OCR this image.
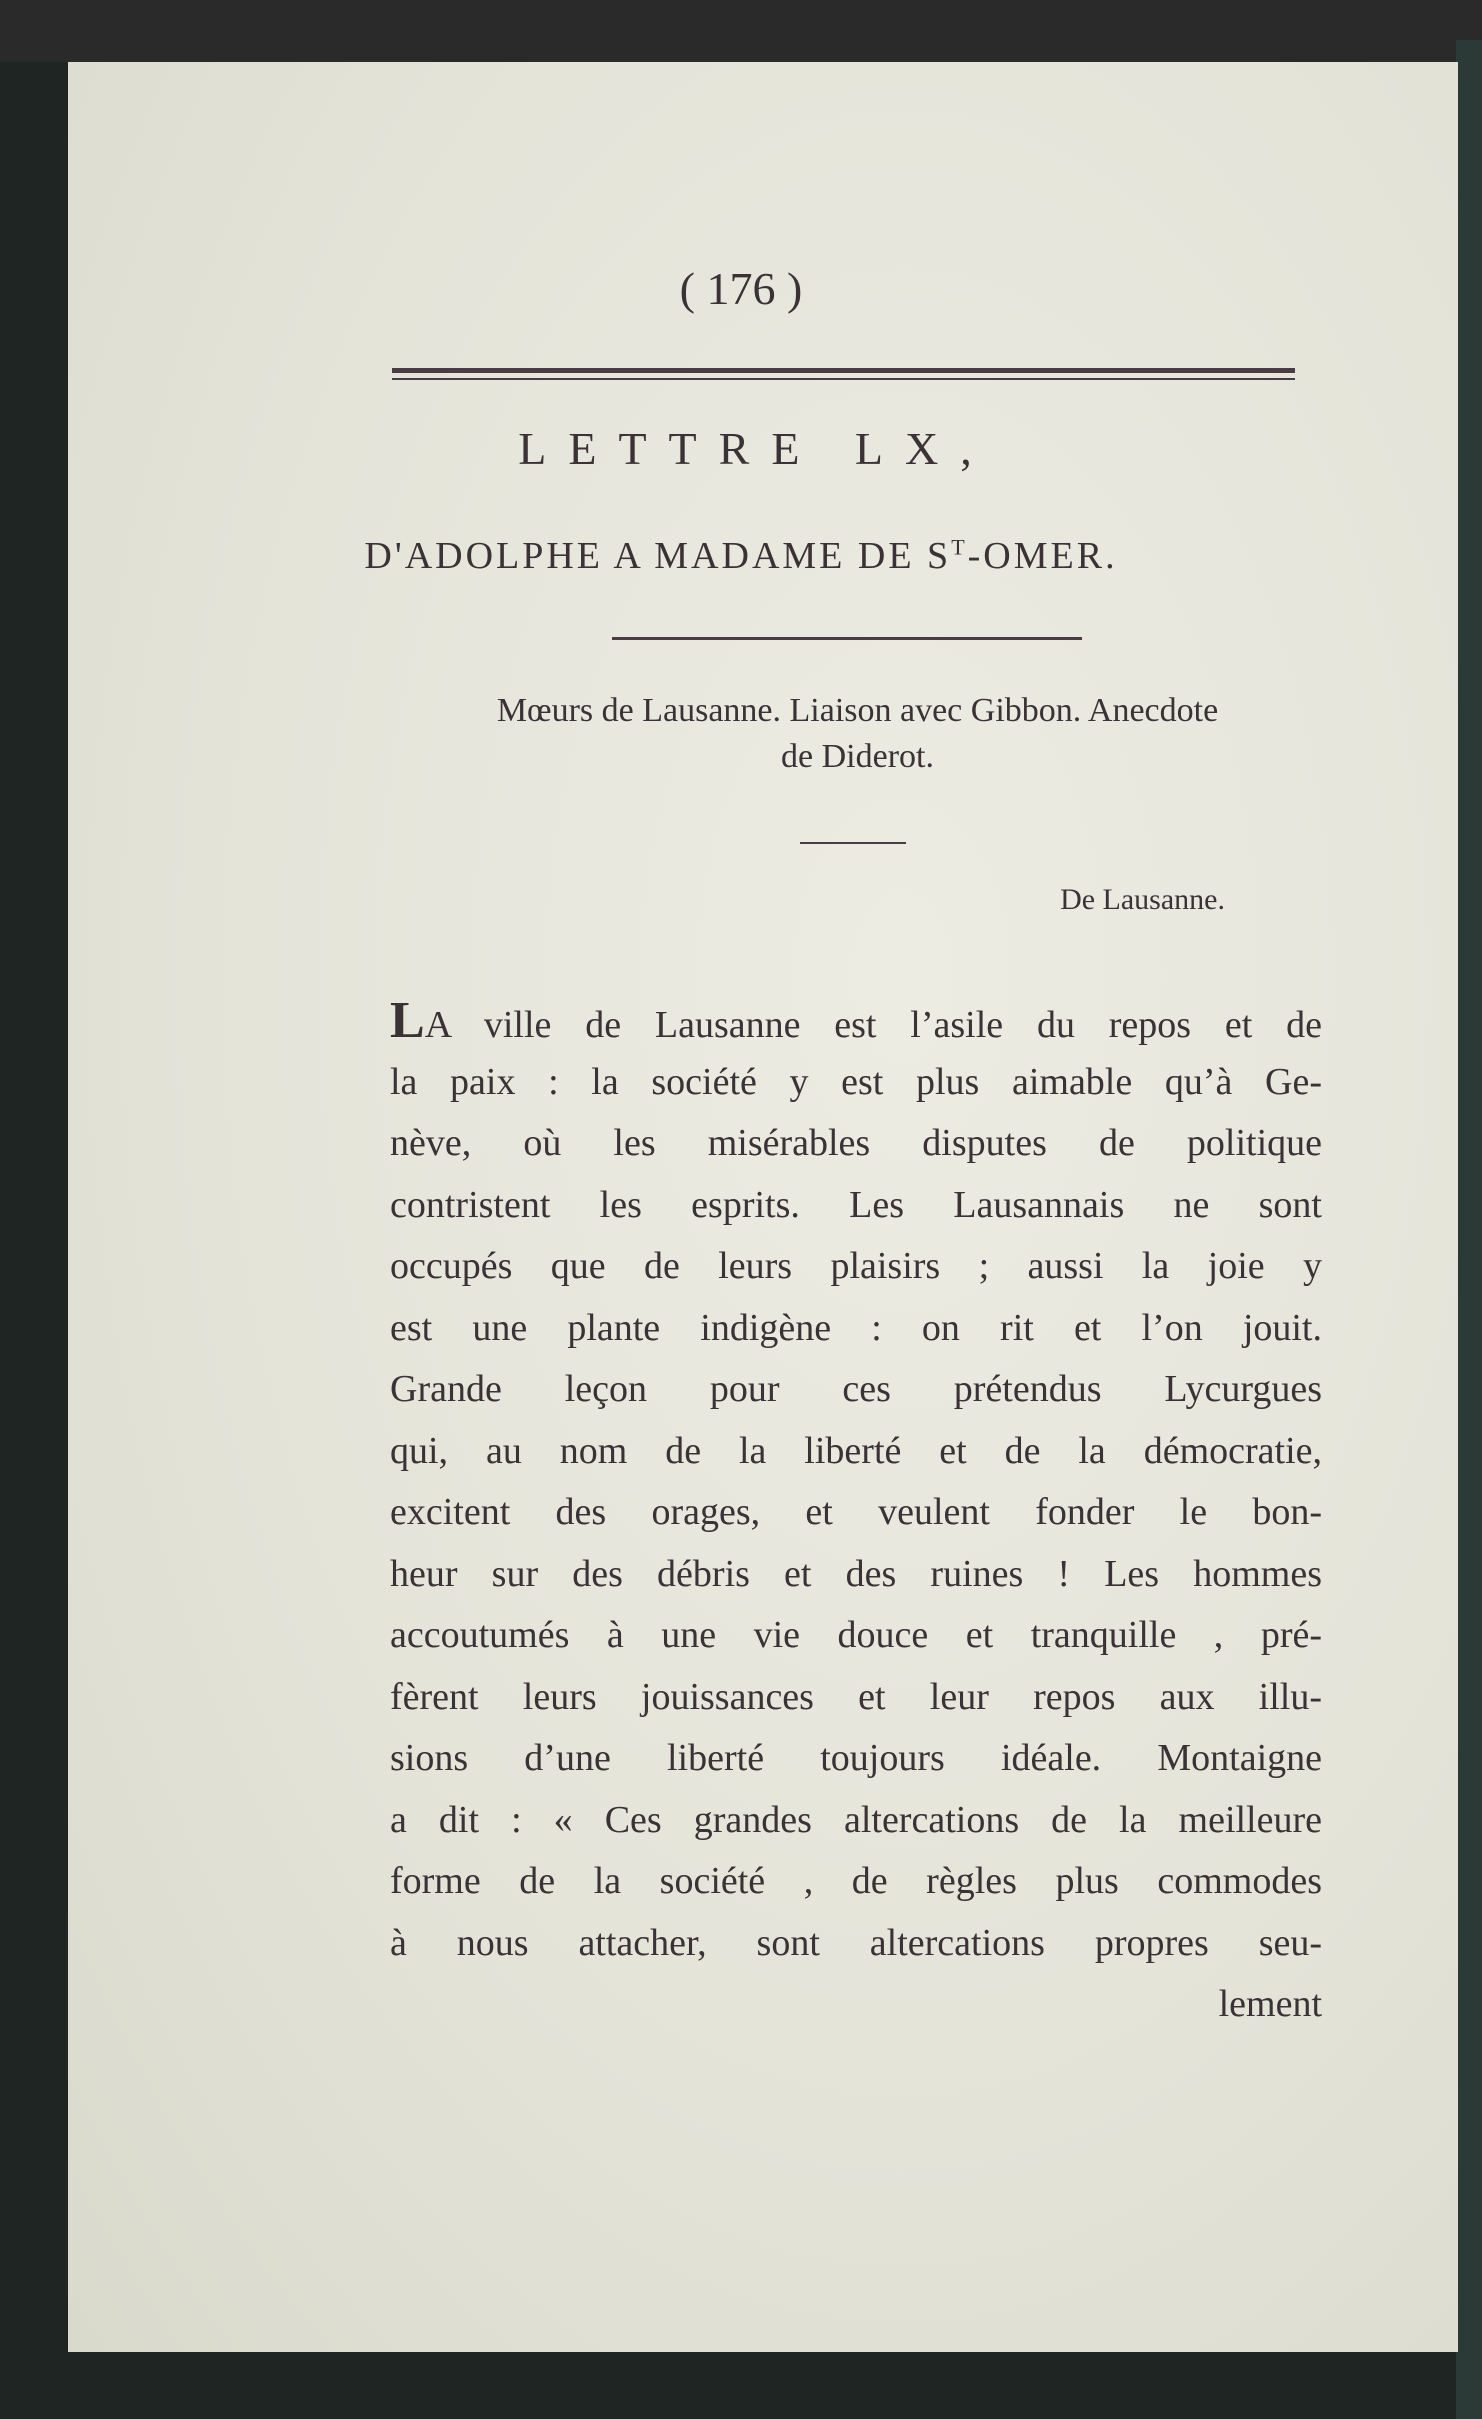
( 176 )
LETTRE LX,
D'ADOLPHE A MADAME DE $S^T$-OMER.
Mœurs de Lausanne. Liaison avec Gibbon. Anecdote
de Diderot.
De Lausanne.
LA ville de Lausanne est l’asile du repos et de
la paix : la société y est plus aimable qu’à Ge-
nève, où les misérables disputes de politique
contristent les esprits. Les Lausannais ne sont
occupés que de leurs plaisirs ; aussi la joie y
est une plante indigène : on rit et l’on jouit.
Grande leçon pour ces prétendus Lycurgues
qui, au nom de la liberté et de la démocratie,
excitent des orages, et veulent fonder le bon-
heur sur des débris et des ruines ! Les hommes
accoutumés à une vie douce et tranquille , pré-
fèrent leurs jouissances et leur repos aux illu-
sions d’une liberté toujours idéale. Montaigne
a dit : « Ces grandes altercations de la meilleure
forme de la société , de règles plus commodes
à nous attacher, sont altercations propres seu-
lement
